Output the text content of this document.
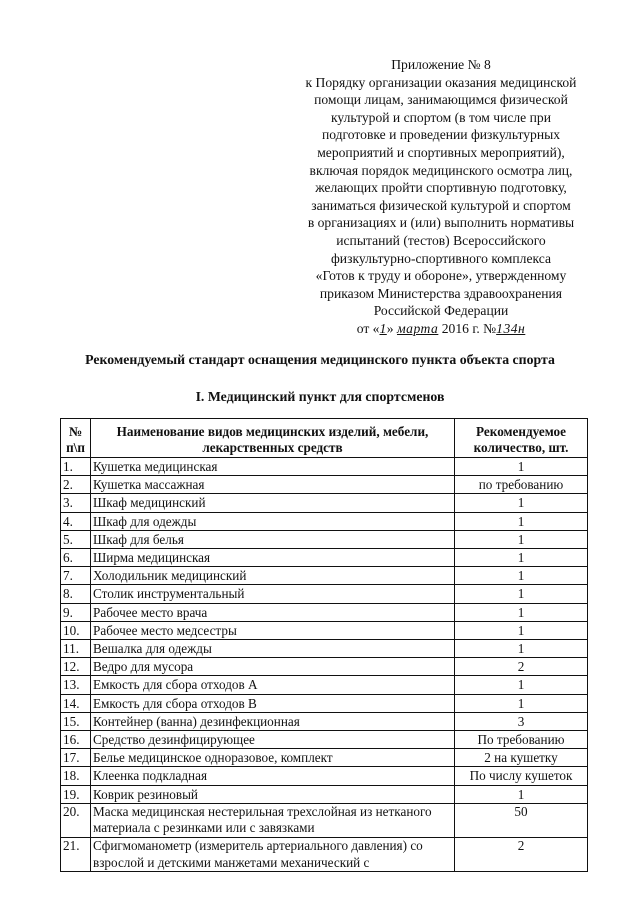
Приложение № 8
к Порядку организации оказания медицинской
помощи лицам, занимающимся физической
культурой и спортом (в том числе при
подготовке и проведении физкультурных
мероприятий и спортивных мероприятий),
включая порядок медицинского осмотра лиц,
желающих пройти спортивную подготовку,
заниматься физической культурой и спортом
в организациях и (или) выполнить нормативы
испытаний (тестов) Всероссийского
физкультурно-спортивного комплекса
«Готов к труду и обороне», утвержденному
приказом Министерства здравоохранения
Российской Федерации
от «1» марта 2016 г. №134н
Рекомендуемый стандарт оснащения медицинского пункта объекта спорта
I. Медицинский пункт для спортсменов
№ п\п	Наименование видов медицинских изделий, мебели, лекарственных средств	Рекомендуемое количество, шт.
1.	Кушетка медицинская	1
2.	Кушетка массажная	по требованию
3.	Шкаф медицинский	1
4.	Шкаф для одежды	1
5.	Шкаф для белья	1
6.	Ширма медицинская	1
7.	Холодильник медицинский	1
8.	Столик инструментальный	1
9.	Рабочее место врача	1
10.	Рабочее место медсестры	1
11.	Вешалка для одежды	1
12.	Ведро для мусора	2
13.	Емкость для сбора отходов А	1
14.	Емкость для сбора отходов В	1
15.	Контейнер (ванна) дезинфекционная	3
16.	Средство дезинфицирующее	По требованию
17.	Белье медицинское одноразовое, комплект	2 на кушетку
18.	Клеенка подкладная	По числу кушеток
19.	Коврик резиновый	1
20.	Маска медицинская нестерильная трехслойная из нетканого материала с резинками или с завязками	50
21.	Сфигмоманометр (измеритель артериального давления) со взрослой и детскими манжетами механический с	2
